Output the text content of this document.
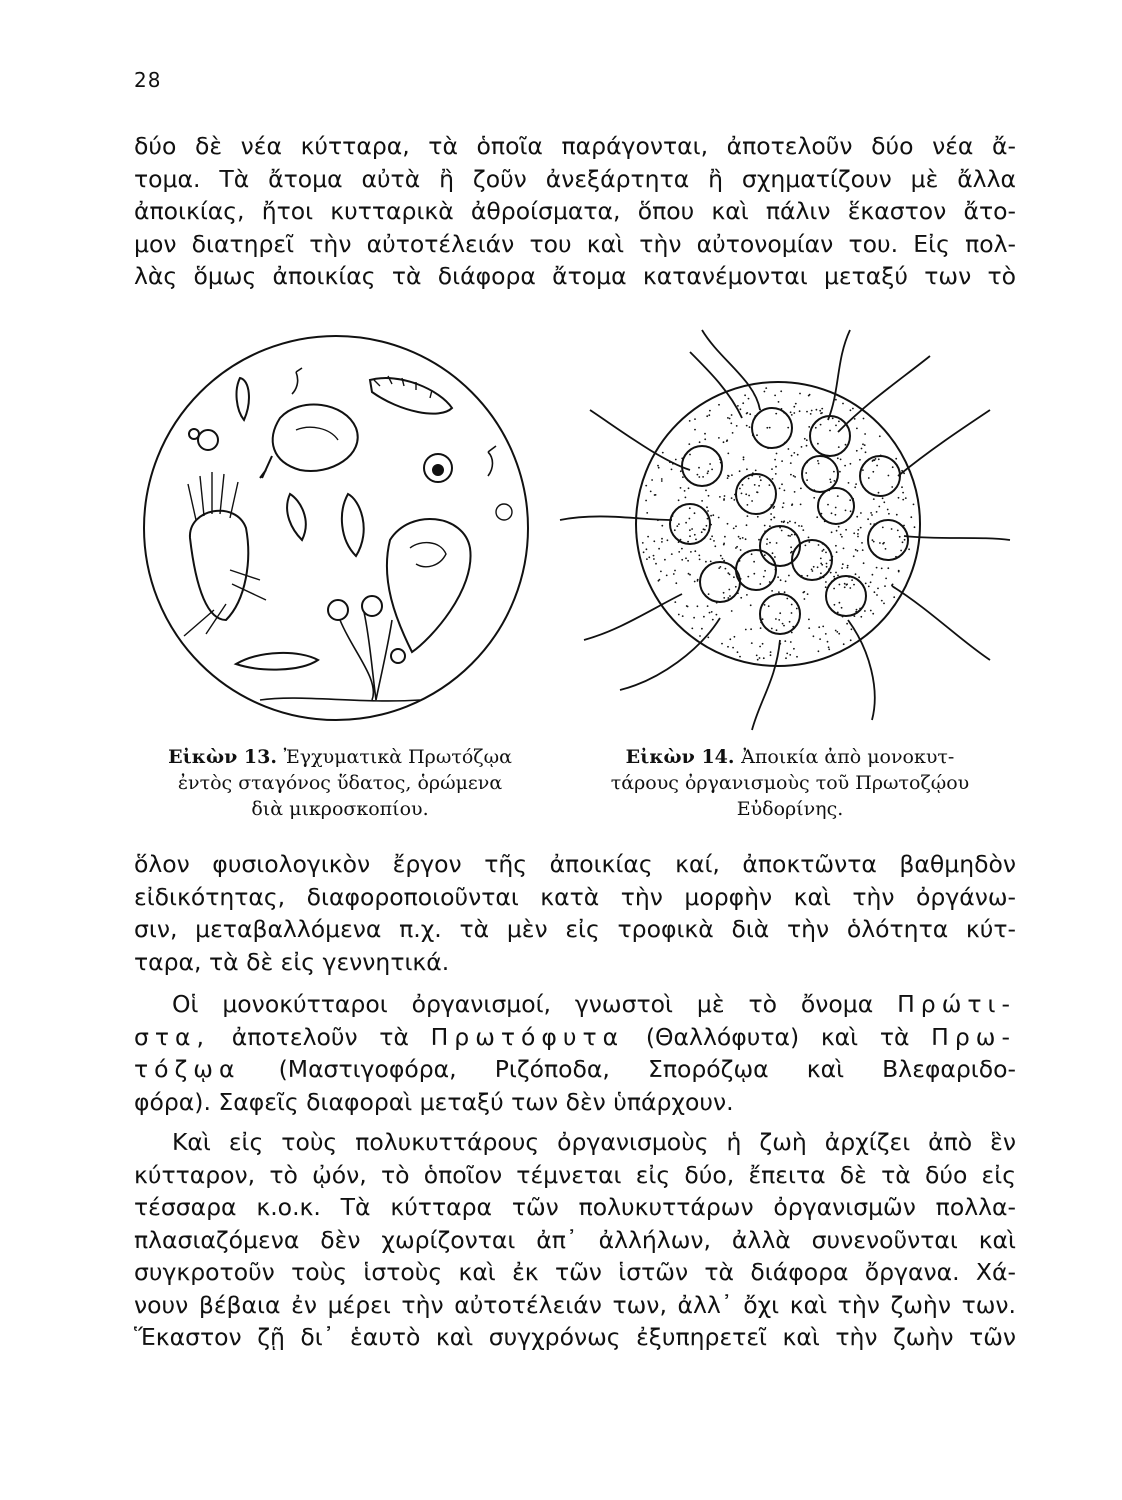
28

δύο δὲ νέα κύτταρα, τὰ ὁποῖα παράγονται, ἀποτελοῦν δύο νέα ἄ-
τομα. Τὰ ἄτομα αὐτὰ ἢ ζοῦν ἀνεξάρτητα ἢ σχηματίζουν μὲ ἄλλα
ἀποικίας, ἤτοι κυτταρικὰ ἀθροίσματα, ὅπου καὶ πάλιν ἕκαστον ἄτο-
μον διατηρεῖ τὴν αὐτοτέλειάν του καὶ τὴν αὐτονομίαν του. Εἰς πολ-
λὰς ὅμως ἀποικίας τὰ διάφορα ἄτομα κατανέμονται μεταξύ των τὸ

Εἰκὼν 13. Ἐγχυματικὰ Πρωτόζῳα
ἐντὸς σταγόνος ὕδατος, ὁρώμενα
διὰ μικροσκοπίου.
Εἰκὼν 14. Ἀποικία ἀπὸ μονοκυτ-
τάρους ὀργανισμοὺς τοῦ Πρωτοζῴου
Εὐδορίνης.

ὅλον φυσιολογικὸν ἔργον τῆς ἀποικίας καί, ἀποκτῶντα βαθμηδὸν
εἰδικότητας, διαφοροποιοῦνται κατὰ τὴν μορφὴν καὶ τὴν ὀργάνω-
σιν, μεταβαλλόμενα π.χ. τὰ μὲν εἰς τροφικὰ διὰ τὴν ὁλότητα κύτ-
ταρα, τὰ δὲ εἰς γεννητικά.

Οἱ μονοκύτταροι ὀργανισμοί, γνωστοὶ μὲ τὸ ὄνομα Πρώτι-
στα, ἀποτελοῦν τὰ Πρωτόφυτα (Θαλλόφυτα) καὶ τὰ Πρω-
τόζῳα (Μαστιγοφόρα, Ριζόποδα, Σπορόζῳα καὶ Βλεφαριδο-
φόρα). Σαφεῖς διαφοραὶ μεταξύ των δὲν ὑπάρχουν.

Καὶ εἰς τοὺς πολυκυττάρους ὀργανισμοὺς ἡ ζωὴ ἀρχίζει ἀπὸ ἓν
κύτταρον, τὸ ᾠόν, τὸ ὁποῖον τέμνεται εἰς δύο, ἔπειτα δὲ τὰ δύο εἰς
τέσσαρα κ.ο.κ. Τὰ κύτταρα τῶν πολυκυττάρων ὀργανισμῶν πολλα-
πλασιαζόμενα δὲν χωρίζονται ἀπ᾽ ἀλλήλων, ἀλλὰ συνενοῦνται καὶ
συγκροτοῦν τοὺς ἱστοὺς καὶ ἐκ τῶν ἱστῶν τὰ διάφορα ὄργανα. Χά-
νουν βέβαια ἐν μέρει τὴν αὐτοτέλειάν των, ἀλλ᾽ ὄχι καὶ τὴν ζωὴν των.
Ἕκαστον ζῇ δι᾽ ἑαυτὸ καὶ συγχρόνως ἐξυπηρετεῖ καὶ τὴν ζωὴν τῶν
